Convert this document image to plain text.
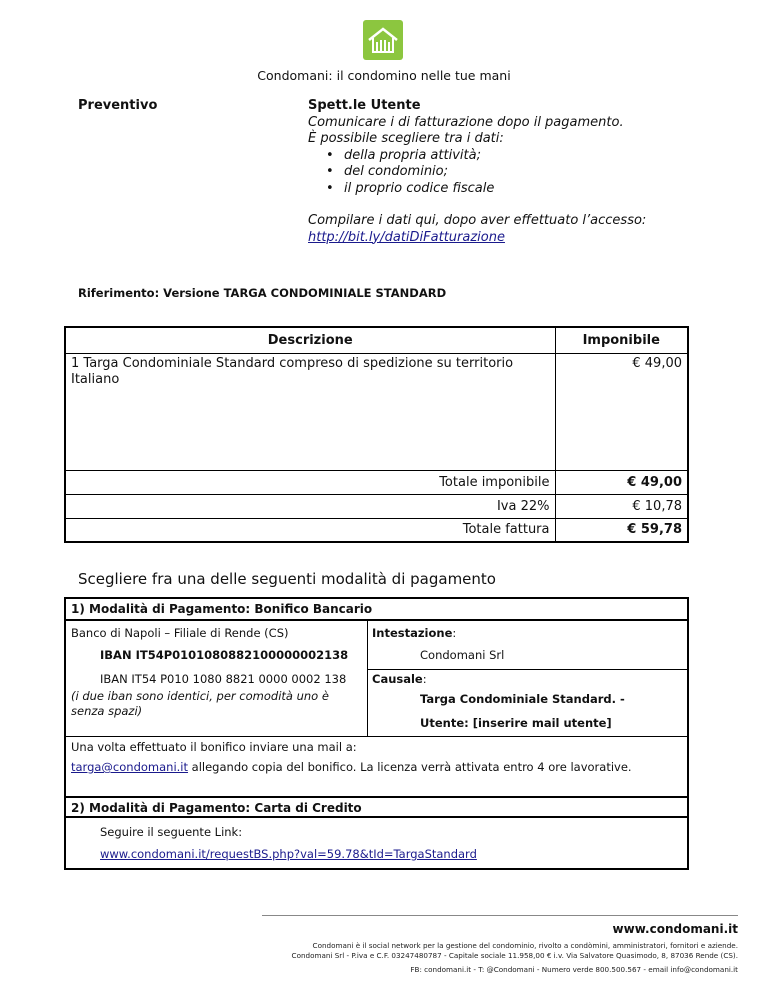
Condomani: il condomino nelle tue mani
Preventivo	Spett.le Utente
Comunicare i di fatturazione dopo il pagamento.
È possibile scegliere tra i dati:
• della propria attività;
• del condominio;
• il proprio codice fiscale
Compilare i dati qui, dopo aver effettuato l’accesso:
http://bit.ly/datiDiFatturazione
Riferimento: Versione TARGA CONDOMINIALE STANDARD
Descrizione	Imponibile
1 Targa Condominiale Standard compreso di spedizione su territorio Italiano	€ 49,00
Totale imponibile	€ 49,00
Iva 22%	€ 10,78
Totale fattura	€ 59,78
Scegliere fra una delle seguenti modalità di pagamento
1) Modalità di Pagamento: Bonifico Bancario
Banco di Napoli – Filiale di Rende (CS)
IBAN IT54P0101080882100000002138
IBAN IT54 P010 1080 8821 0000 0002 138
(i due iban sono identici, per comodità uno è senza spazi)
Intestazione:
Condomani Srl
Causale:
Targa Condominiale Standard. -
Utente: [inserire mail utente]
Una volta effettuato il bonifico inviare una mail a:
targa@condomani.it allegando copia del bonifico. La licenza verrà attivata entro 4 ore lavorative.
2) Modalità di Pagamento: Carta di Credito
Seguire il seguente Link:
www.condomani.it/requestBS.php?val=59.78&tId=TargaStandard
www.condomani.it
Condomani è il social network per la gestione del condominio, rivolto a condòmini, amministratori, fornitori e aziende.
Condomani Srl - P.iva e C.F. 03247480787 - Capitale sociale 11.958,00 € i.v. Via Salvatore Quasimodo, 8, 87036 Rende (CS).
FB: condomani.it - T: @Condomani - Numero verde 800.500.567 - email info@condomani.it
